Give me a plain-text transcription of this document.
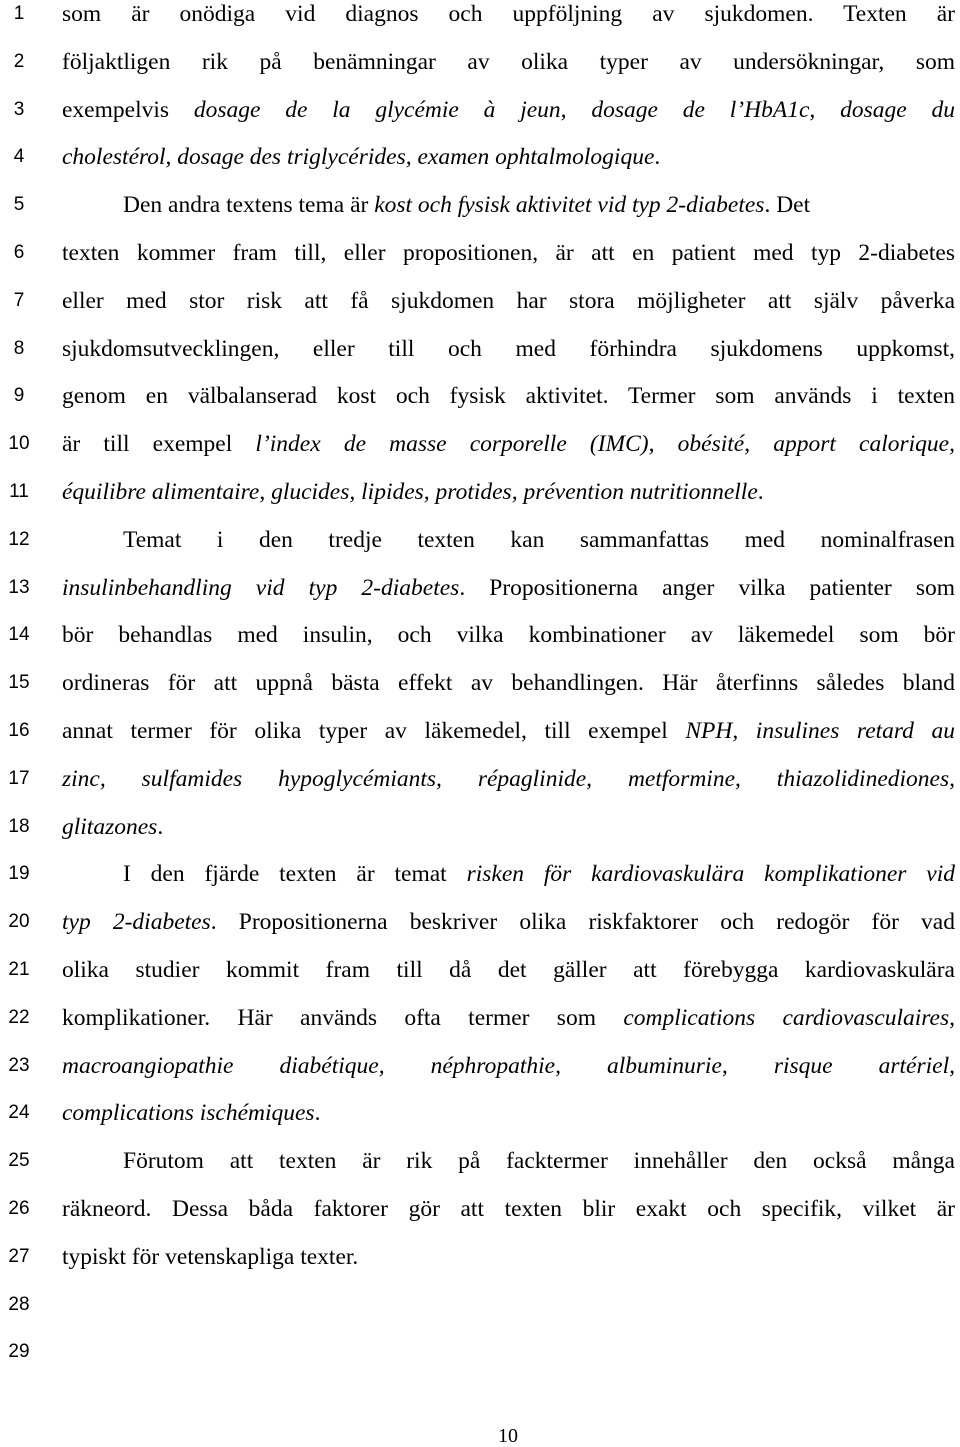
1
2
3
4
5
6
7
8
9
10
11
12
13
14
15
16
17
18
19
20
21
22
23
24
25
26
27
28
29
som är onödiga vid diagnos och uppföljning av sjukdomen. Texten är
följaktligen rik på benämningar av olika typer av undersökningar, som
exempelvis dosage de la glycémie à jeun, dosage de l’HbA1c, dosage du
cholestérol, dosage des triglycérides, examen ophtalmologique.
Den andra textens tema är kost och fysisk aktivitet vid typ 2-diabetes. Det
texten kommer fram till, eller propositionen, är att en patient med typ 2-diabetes
eller med stor risk att få sjukdomen har stora möjligheter att själv påverka
sjukdomsutvecklingen, eller till och med förhindra sjukdomens uppkomst,
genom en välbalanserad kost och fysisk aktivitet. Termer som används i texten
är till exempel l’index de masse corporelle (IMC), obésité, apport calorique,
équilibre alimentaire, glucides, lipides, protides, prévention nutritionnelle.
Temat i den tredje texten kan sammanfattas med nominalfrasen
insulinbehandling vid typ 2-diabetes. Propositionerna anger vilka patienter som
bör behandlas med insulin, och vilka kombinationer av läkemedel som bör
ordineras för att uppnå bästa effekt av behandlingen. Här återfinns således bland
annat termer för olika typer av läkemedel, till exempel NPH, insulines retard au
zinc, sulfamides hypoglycémiants, répaglinide, metformine, thiazolidinediones,
glitazones.
I den fjärde texten är temat risken för kardiovaskulära komplikationer vid
typ 2-diabetes. Propositionerna beskriver olika riskfaktorer och redogör för vad
olika studier kommit fram till då det gäller att förebygga kardiovaskulära
komplikationer. Här används ofta termer som complications cardiovasculaires,
macroangiopathie diabétique, néphropathie, albuminurie, risque artériel,
complications ischémiques.
Förutom att texten är rik på facktermer innehåller den också många
räkneord. Dessa båda faktorer gör att texten blir exakt och specifik, vilket är
typiskt för vetenskapliga texter.
10
